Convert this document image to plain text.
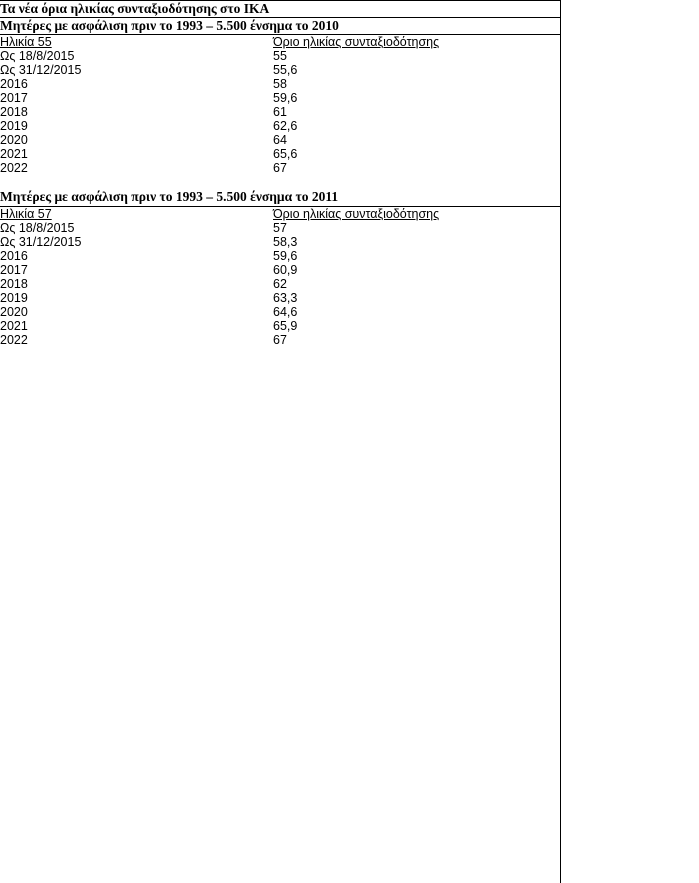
Τα νέα όρια ηλικίας συνταξιοδότησης στο ΙΚΑ	
Μητέρες με ασφάλιση πριν το 1993 – 5.500 ένσημα το 2010	
Ηλικία 55	Όριο ηλικίας συνταξιοδότησης
Ως 18/8/2015	55
Ως 31/12/2015	55,6
2016	58
2017	59,6
2018	61
2019	62,6
2020	64
2021	65,6
2022	67

Μητέρες με ασφάλιση πριν το 1993 – 5.500 ένσημα το 2011	
Ηλικία 57	Όριο ηλικίας συνταξιοδότησης
Ως 18/8/2015	57
Ως 31/12/2015	58,3
2016	59,6
2017	60,9
2018	62
2019	63,3
2020	64,6
2021	65,9
2022	67
